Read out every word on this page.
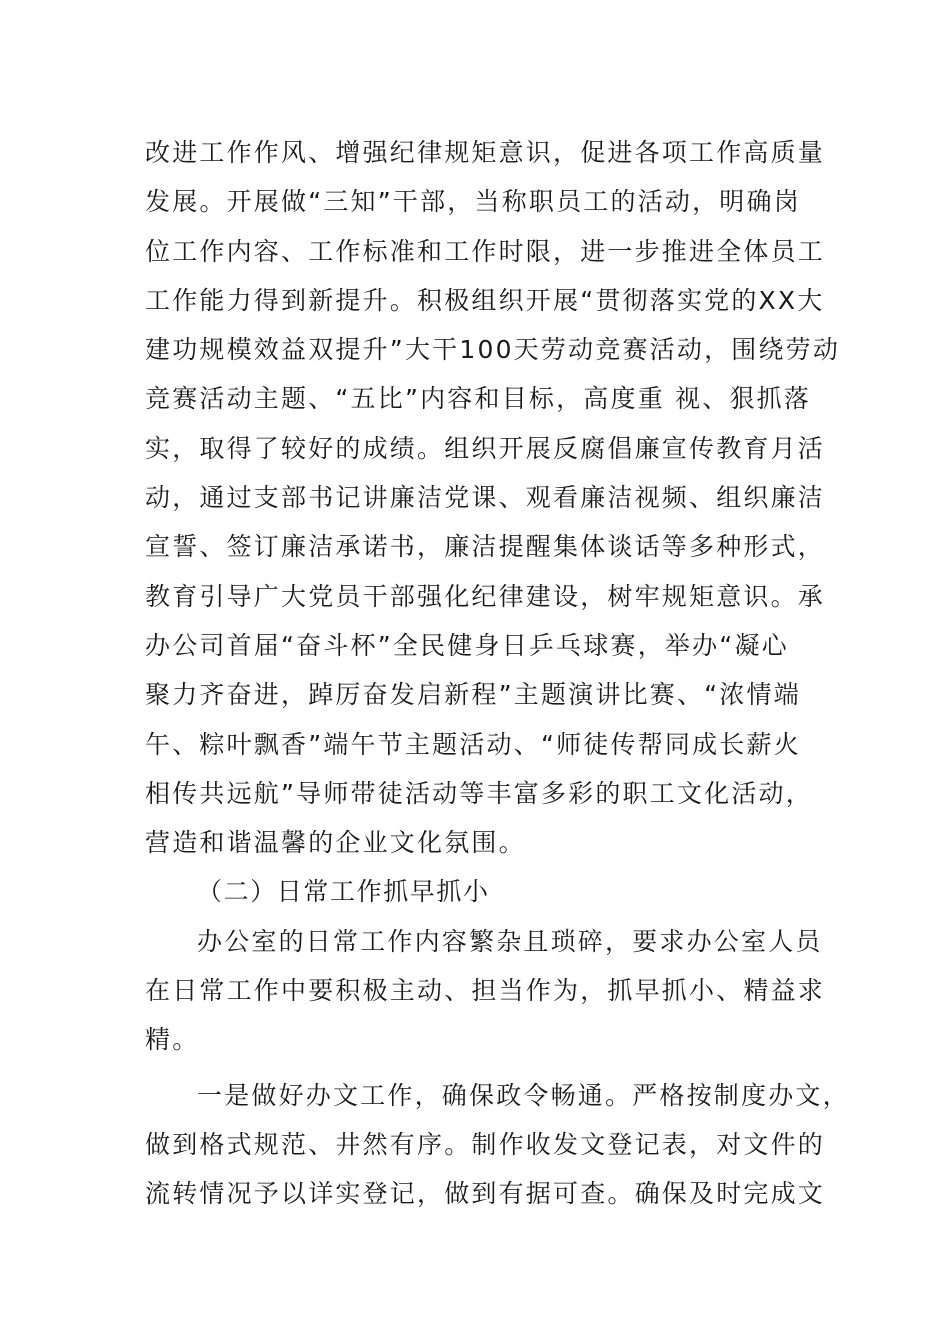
改进工作作风、增强纪律规矩意识，促进各项工作高质量
发展。开展做“三知”干部，当称职员工的活动，明确岗
位工作内容、工作标准和工作时限，进一步推进全体员工
工作能力得到新提升。积极组织开展“贯彻落实党的XX大
建功规模效益双提升”大干100天劳动竞赛活动，围绕劳动
竞赛活动主题、“五比”内容和目标，高度重 视、狠抓落
实，取得了较好的成绩。组织开展反腐倡廉宣传教育月活
动，通过支部书记讲廉洁党课、观看廉洁视频、组织廉洁
宣誓、签订廉洁承诺书，廉洁提醒集体谈话等多种形式，
教育引导广大党员干部强化纪律建设，树牢规矩意识。承
办公司首届“奋斗杯”全民健身日乒乓球赛，举办“凝心
聚力齐奋进，踔厉奋发启新程”主题演讲比赛、“浓情端
午、粽叶飘香”端午节主题活动、“师徒传帮同成长薪火
相传共远航”导师带徒活动等丰富多彩的职工文化活动，
营造和谐温馨的企业文化氛围。
（二）日常工作抓早抓小
办公室的日常工作内容繁杂且琐碎，要求办公室人员
在日常工作中要积极主动、担当作为，抓早抓小、精益求
精。
一是做好办文工作，确保政令畅通。严格按制度办文，
做到格式规范、井然有序。制作收发文登记表，对文件的
流转情况予以详实登记，做到有据可查。确保及时完成文
